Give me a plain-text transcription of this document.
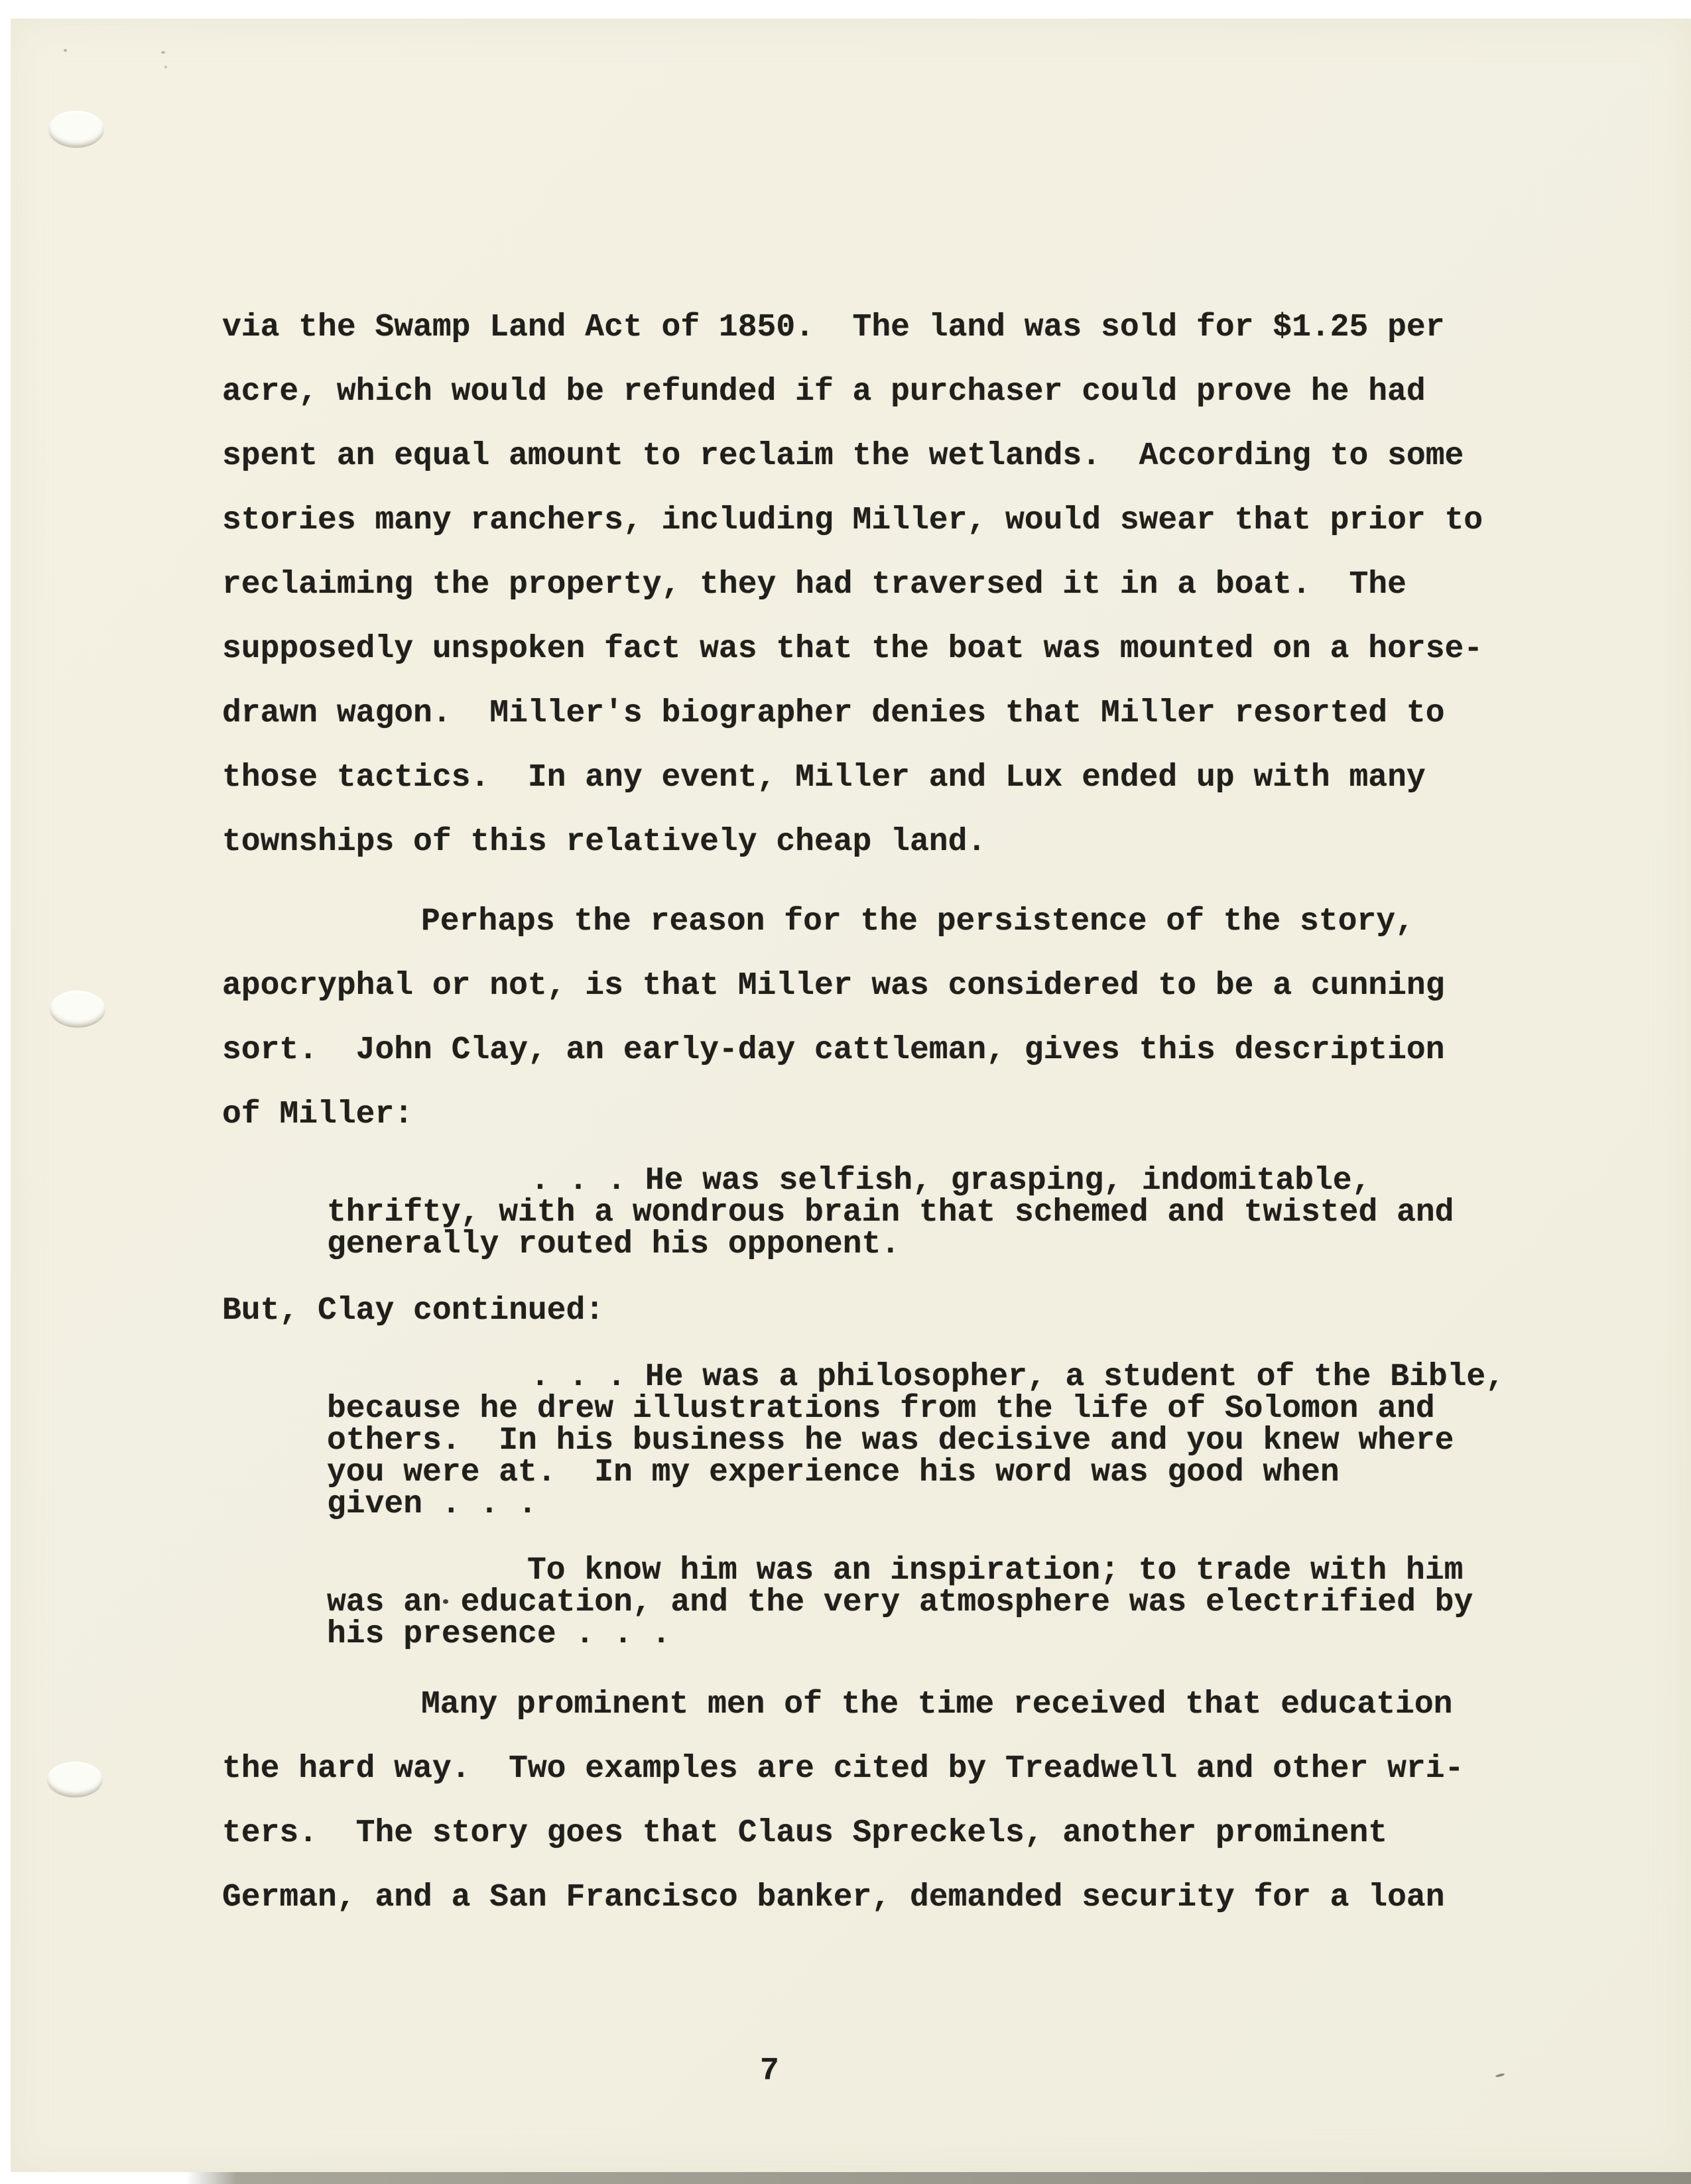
via the Swamp Land Act of 1850.  The land was sold for $1.25 per
acre, which would be refunded if a purchaser could prove he had
spent an equal amount to reclaim the wetlands.  According to some
stories many ranchers, including Miller, would swear that prior to
reclaiming the property, they had traversed it in a boat.  The
supposedly unspoken fact was that the boat was mounted on a horse-
drawn wagon.  Miller's biographer denies that Miller resorted to
those tactics.  In any event, Miller and Lux ended up with many
townships of this relatively cheap land.
Perhaps the reason for the persistence of the story,
apocryphal or not, is that Miller was considered to be a cunning
sort.  John Clay, an early-day cattleman, gives this description
of Miller:
. . . He was selfish, grasping, indomitable,
thrifty, with a wondrous brain that schemed and twisted and
generally routed his opponent.
But, Clay continued:
. . . He was a philosopher, a student of the Bible,
because he drew illustrations from the life of Solomon and
others.  In his business he was decisive and you knew where
you were at.  In my experience his word was good when
given . . .
To know him was an inspiration; to trade with him
was an education, and the very atmosphere was electrified by
his presence . . .
Many prominent men of the time received that education
the hard way.  Two examples are cited by Treadwell and other wri-
ters.  The story goes that Claus Spreckels, another prominent
German, and a San Francisco banker, demanded security for a loan
7
